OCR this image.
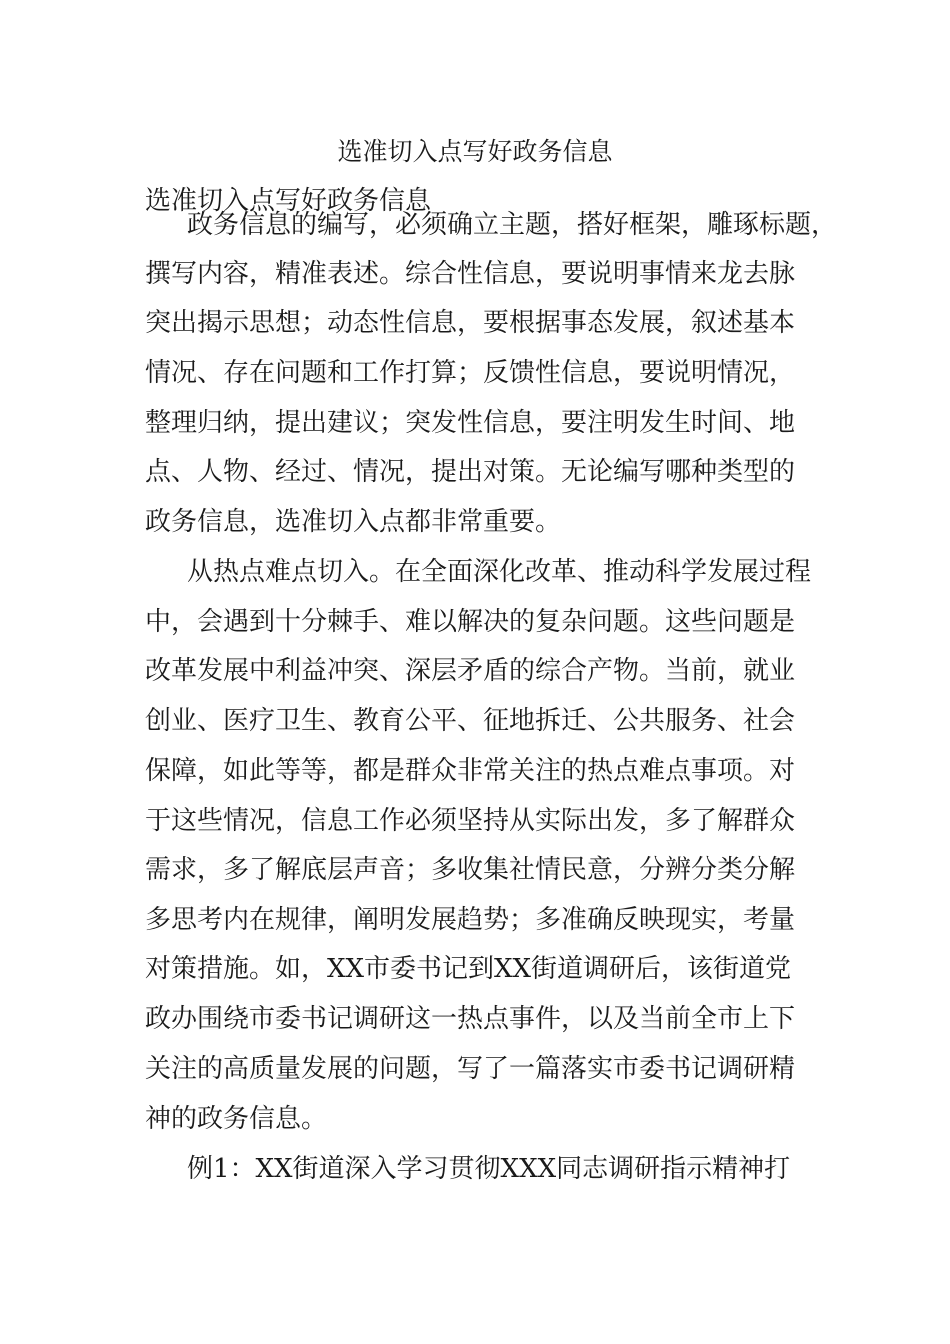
选准切入点写好政务信息
选准切入点写好政务信息
政务信息的编写，必须确立主题，搭好框架，雕琢标题，
撰写内容，精准表述。综合性信息，要说明事情来龙去脉
突出揭示思想；动态性信息，要根据事态发展，叙述基本
情况、存在问题和工作打算；反馈性信息，要说明情况，
整理归纳，提出建议；突发性信息，要注明发生时间、地
点、人物、经过、情况，提出对策。无论编写哪种类型的
政务信息，选准切入点都非常重要。
从热点难点切入。在全面深化改革、推动科学发展过程
中，会遇到十分棘手、难以解决的复杂问题。这些问题是
改革发展中利益冲突、深层矛盾的综合产物。当前，就业
创业、医疗卫生、教育公平、征地拆迁、公共服务、社会
保障，如此等等，都是群众非常关注的热点难点事项。对
于这些情况，信息工作必须坚持从实际出发，多了解群众
需求，多了解底层声音；多收集社情民意，分辨分类分解
多思考内在规律，阐明发展趋势；多准确反映现实，考量
对策措施。如，XX市委书记到XX街道调研后，该街道党
政办围绕市委书记调研这一热点事件，以及当前全市上下
关注的高质量发展的问题，写了一篇落实市委书记调研精
神的政务信息。
例1：XX街道深入学习贯彻XXX同志调研指示精神打
